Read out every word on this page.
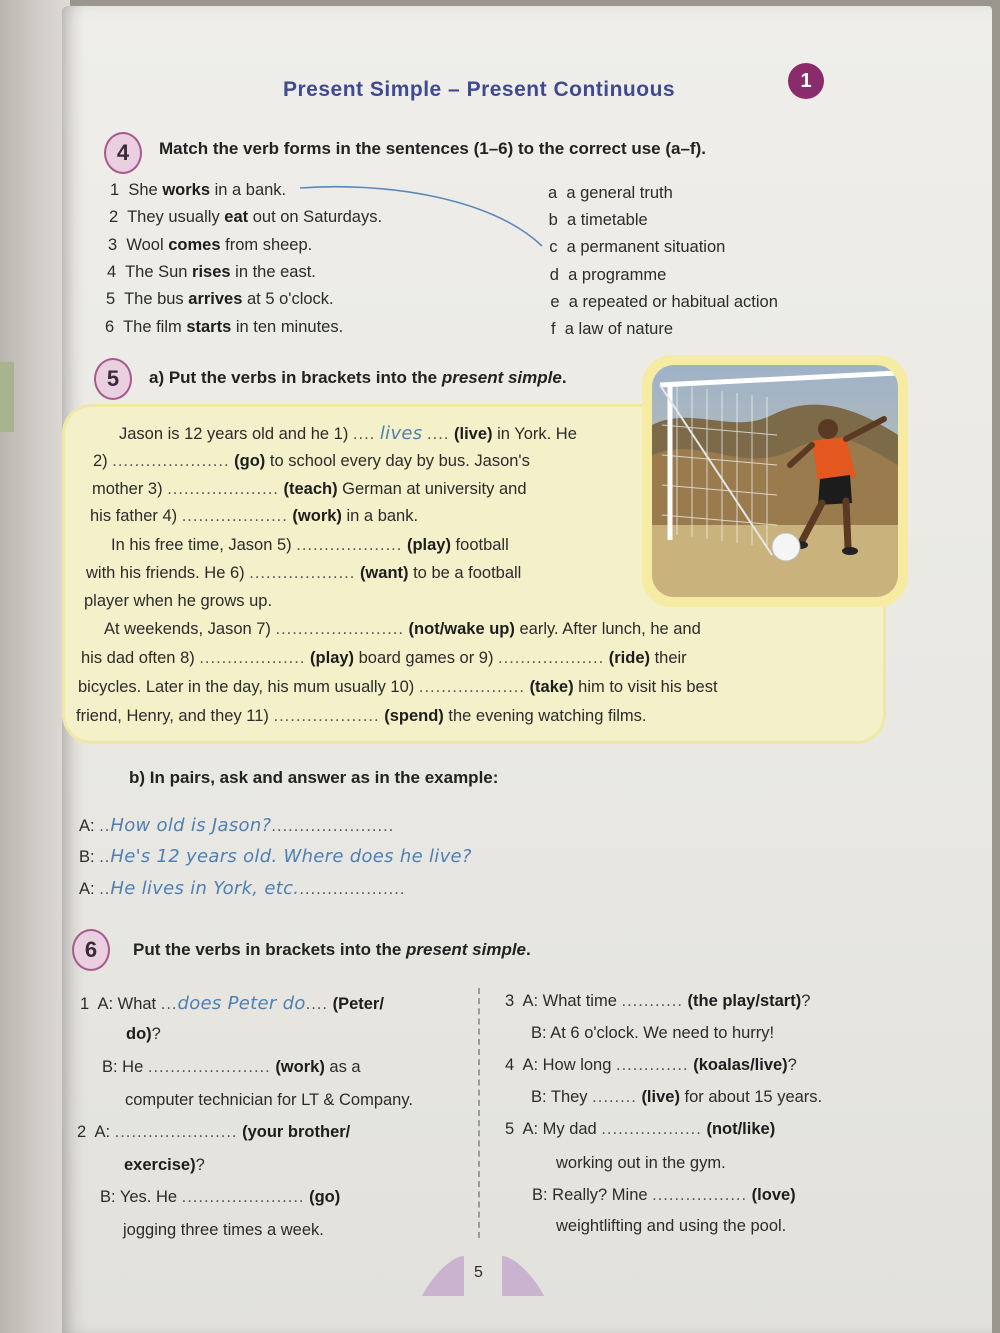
Present Simple – Present Continuous	1
4	Match the verb forms in the sentences (1–6) to the correct use (a–f).
1 She works in a bank.
2 They usually eat out on Saturdays.
3 Wool comes from sheep.
4 The Sun rises in the east.
5 The bus arrives at 5 o'clock.
6 The film starts in ten minutes.
a a general truth
b a timetable
c a permanent situation
d a programme
e a repeated or habitual action
f a law of nature
5	a) Put the verbs in brackets into the present simple.
Jason is 12 years old and he 1) .... lives .... (live) in York. He
2) ..................... (go) to school every day by bus. Jason's
mother 3) .................... (teach) German at university and
his father 4) ................... (work) in a bank.
In his free time, Jason 5) ................... (play) football
with his friends. He 6) ................... (want) to be a football
player when he grows up.
At weekends, Jason 7) ....................... (not/wake up) early. After lunch, he and
his dad often 8) ................... (play) board games or 9) ................... (ride) their
bicycles. Later in the day, his mum usually 10) ................... (take) him to visit his best
friend, Henry, and they 11) ................... (spend) the evening watching films.
b) In pairs, ask and answer as in the example:
A: ..How old is Jason?......................
B: ..He's 12 years old. Where does he live?
A: ..He lives in York, etc....................
6	Put the verbs in brackets into the present simple.
1 A: What ...does Peter do.... (Peter/
do)?
B: He ...................... (work) as a
computer technician for LT & Company.
2 A: ...................... (your brother/
exercise)?
B: Yes. He ...................... (go)
jogging three times a week.
3 A: What time ........... (the play/start)?
B: At 6 o'clock. We need to hurry!
4 A: How long ............. (koalas/live)?
B: They ........ (live) for about 15 years.
5 A: My dad .................. (not/like)
working out in the gym.
B: Really? Mine ................. (love)
weightlifting and using the pool.
5
